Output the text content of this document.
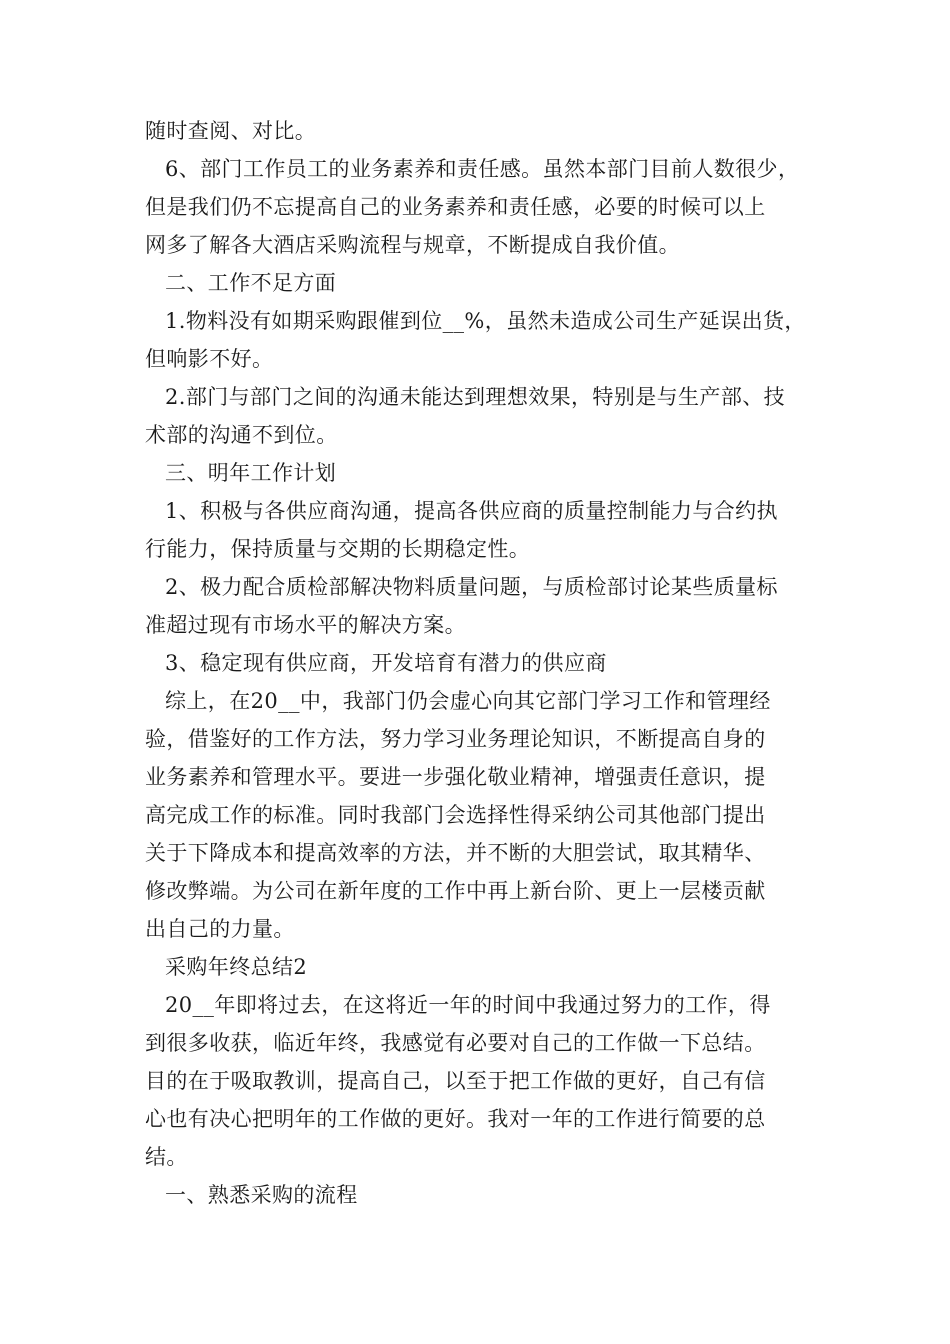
随时查阅、对比。
6、部门工作员工的业务素养和责任感。虽然本部门目前人数很少，
但是我们仍不忘提高自己的业务素养和责任感，必要的时候可以上
网多了解各大酒店采购流程与规章，不断提成自我价值。
二、工作不足方面
1.物料没有如期采购跟催到位__%，虽然未造成公司生产延误出货，
但响影不好。
2.部门与部门之间的沟通未能达到理想效果，特别是与生产部、技
术部的沟通不到位。
三、明年工作计划
1、积极与各供应商沟通，提高各供应商的质量控制能力与合约执
行能力，保持质量与交期的长期稳定性。
2、极力配合质检部解决物料质量问题，与质检部讨论某些质量标
准超过现有市场水平的解决方案。
3、稳定现有供应商，开发培育有潜力的供应商
综上，在20__中，我部门仍会虚心向其它部门学习工作和管理经
验，借鉴好的工作方法，努力学习业务理论知识，不断提高自身的
业务素养和管理水平。要进一步强化敬业精神，增强责任意识，提
高完成工作的标准。同时我部门会选择性得采纳公司其他部门提出
关于下降成本和提高效率的方法，并不断的大胆尝试，取其精华、
修改弊端。为公司在新年度的工作中再上新台阶、更上一层楼贡献
出自己的力量。
采购年终总结2
20__年即将过去，在这将近一年的时间中我通过努力的工作，得
到很多收获，临近年终，我感觉有必要对自己的工作做一下总结。
目的在于吸取教训，提高自己，以至于把工作做的更好，自己有信
心也有决心把明年的工作做的更好。我对一年的工作进行简要的总
结。
一、熟悉采购的流程
